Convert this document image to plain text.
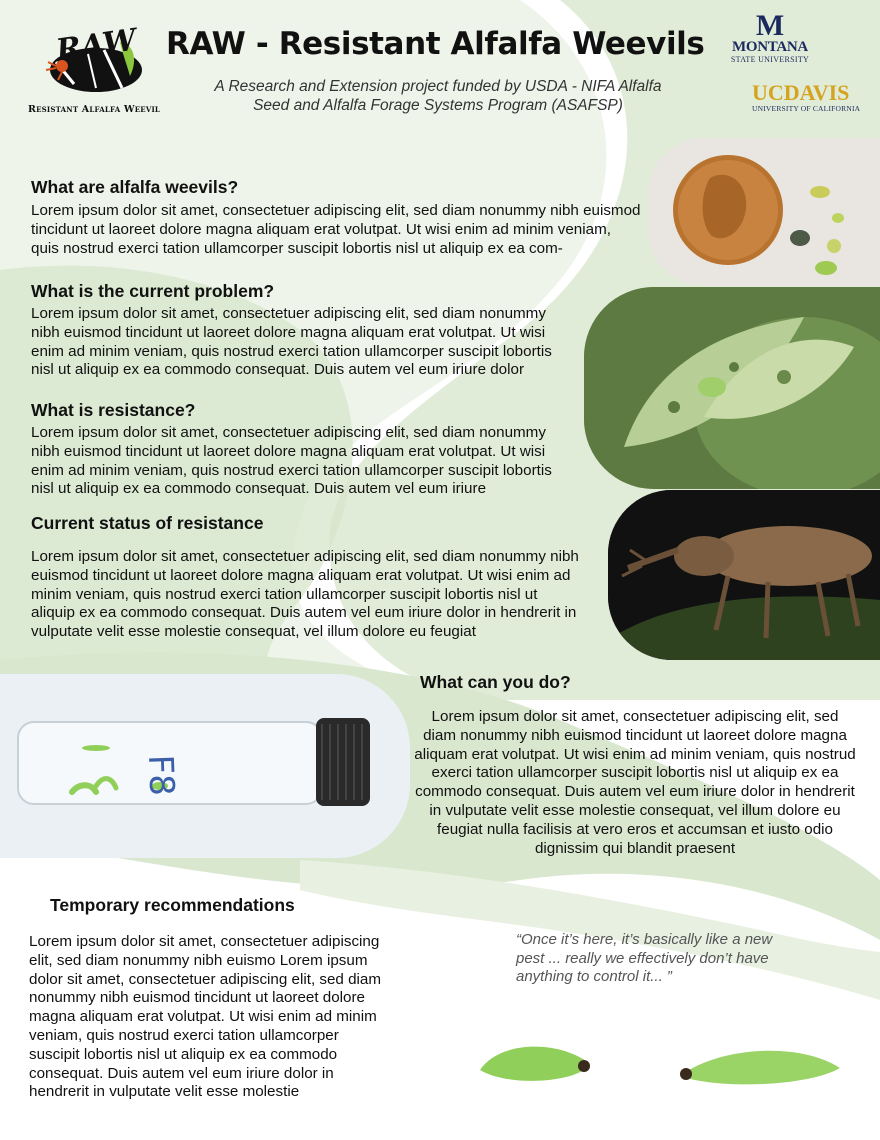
RAW
Resistant Alfalfa Weevil
RAW - Resistant Alfalfa Weevils
A Research and Extension project funded by USDA - NIFA Alfalfa Seed and Alfalfa Forage Systems Program (ASAFSP)
M
MONTANA
STATE UNIVERSITY
UCDAVIS
UNIVERSITY OF CALIFORNIA
F8
What are alfalfa weevils?

Lorem ipsum dolor sit amet, consectetuer adipiscing elit, sed diam nonummy nibh euismod tincidunt ut laoreet dolore magna aliquam erat volutpat. Ut wisi enim ad minim veniam, quis nostrud exerci tation ullamcorper suscipit lobortis nisl ut aliquip ex ea com-

What is the current problem?

Lorem ipsum dolor sit amet, consectetuer adipiscing elit, sed diam nonummy nibh euismod tincidunt ut laoreet dolore magna aliquam erat volutpat. Ut wisi enim ad minim veniam, quis nostrud exerci tation ullamcorper suscipit lobortis nisl ut aliquip ex ea commodo consequat. Duis autem vel eum iriure dolor

What is resistance?

Lorem ipsum dolor sit amet, consectetuer adipiscing elit, sed diam nonummy nibh euismod tincidunt ut laoreet dolore magna aliquam erat volutpat. Ut wisi enim ad minim veniam, quis nostrud exerci tation ullamcorper suscipit lobortis nisl ut aliquip ex ea commodo consequat. Duis autem vel eum iriure

Current status of resistance

Lorem ipsum dolor sit amet, consectetuer adipiscing elit, sed diam nonummy nibh euismod tincidunt ut laoreet dolore magna aliquam erat volutpat. Ut wisi enim ad minim veniam, quis nostrud exerci tation ullamcorper suscipit lobortis nisl ut aliquip ex ea commodo consequat. Duis autem vel eum iriure dolor in hendrerit in vulputate velit esse molestie consequat, vel illum dolore eu feugiat

What can you do?

Lorem ipsum dolor sit amet, consectetuer adipiscing elit, sed diam nonummy nibh euismod tincidunt ut laoreet dolore magna aliquam erat volutpat. Ut wisi enim ad minim veniam, quis nostrud exerci tation ullamcorper suscipit lobortis nisl ut aliquip ex ea commodo consequat. Duis autem vel eum iriure dolor in hendrerit in vulputate velit esse molestie consequat, vel illum dolore eu feugiat nulla facilisis at vero eros et accumsan et iusto odio dignissim qui blandit praesent

Temporary recommendations

Lorem ipsum dolor sit amet, consectetuer adipiscing elit, sed diam nonummy nibh euismo Lorem ipsum dolor sit amet, consectetuer adipiscing elit, sed diam nonummy nibh euismod tincidunt ut laoreet dolore magna aliquam erat volutpat. Ut wisi enim ad minim veniam, quis nostrud exerci tation ullamcorper suscipit lobortis nisl ut aliquip ex ea commodo consequat. Duis autem vel eum iriure dolor in hendrerit in vulputate velit esse molestie

“Once it’s here, it’s basically like a new pest ... really we effectively don’t have anything to control it... ”
